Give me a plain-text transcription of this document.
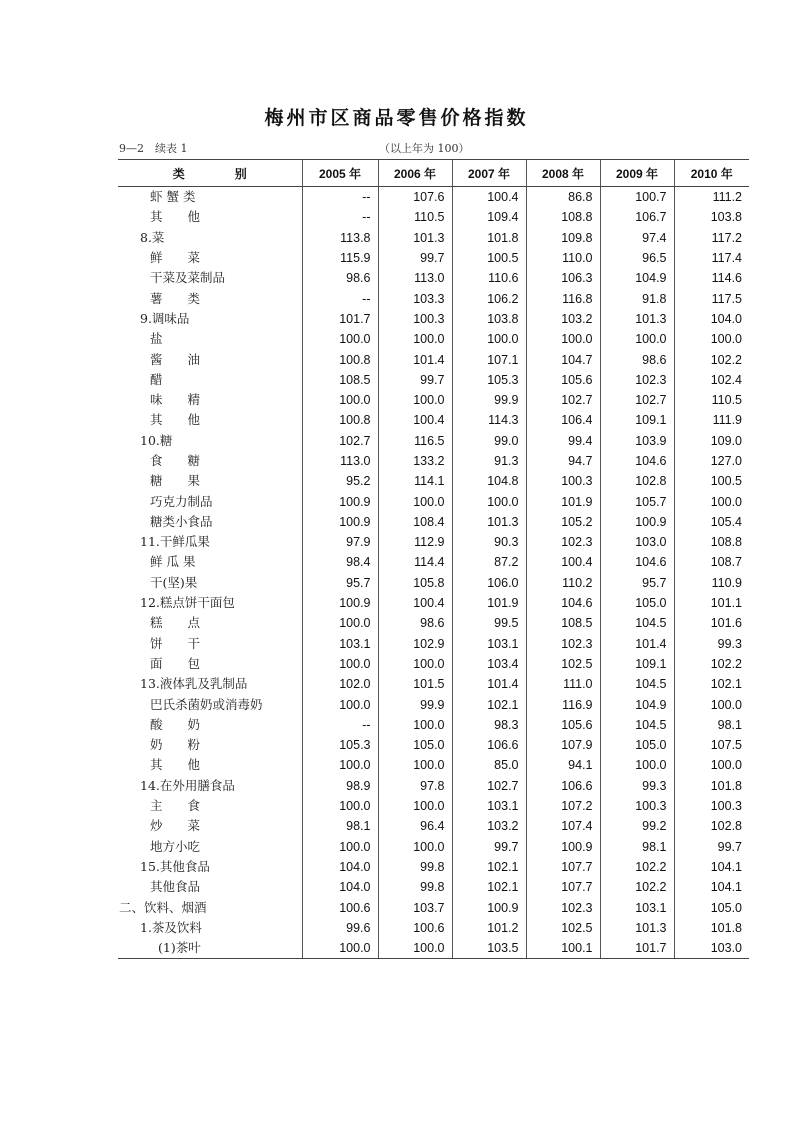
梅州市区商品零售价格指数
9—2　续表 1	（以上年为 100）
类 别	2005 年	2006 年	2007 年	2008 年	2009 年	2010 年
虾 蟹 类	--	107.6	100.4	86.8	100.7	111.2
其　　他	--	110.5	109.4	108.8	106.7	103.8
8.菜	113.8	101.3	101.8	109.8	97.4	117.2
鲜　　菜	115.9	99.7	100.5	110.0	96.5	117.4
干菜及菜制品	98.6	113.0	110.6	106.3	104.9	114.6
薯　　类	--	103.3	106.2	116.8	91.8	117.5
9.调味品	101.7	100.3	103.8	103.2	101.3	104.0
盐	100.0	100.0	100.0	100.0	100.0	100.0
酱　　油	100.8	101.4	107.1	104.7	98.6	102.2
醋	108.5	99.7	105.3	105.6	102.3	102.4
味　　精	100.0	100.0	99.9	102.7	102.7	110.5
其　　他	100.8	100.4	114.3	106.4	109.1	111.9
10.糖	102.7	116.5	99.0	99.4	103.9	109.0
食　　糖	113.0	133.2	91.3	94.7	104.6	127.0
糖　　果	95.2	114.1	104.8	100.3	102.8	100.5
巧克力制品	100.9	100.0	100.0	101.9	105.7	100.0
糖类小食品	100.9	108.4	101.3	105.2	100.9	105.4
11.干鲜瓜果	97.9	112.9	90.3	102.3	103.0	108.8
鲜 瓜 果	98.4	114.4	87.2	100.4	104.6	108.7
干(坚)果	95.7	105.8	106.0	110.2	95.7	110.9
12.糕点饼干面包	100.9	100.4	101.9	104.6	105.0	101.1
糕　　点	100.0	98.6	99.5	108.5	104.5	101.6
饼　　干	103.1	102.9	103.1	102.3	101.4	99.3
面　　包	100.0	100.0	103.4	102.5	109.1	102.2
13.液体乳及乳制品	102.0	101.5	101.4	111.0	104.5	102.1
巴氏杀菌奶或消毒奶	100.0	99.9	102.1	116.9	104.9	100.0
酸　　奶	--	100.0	98.3	105.6	104.5	98.1
奶　　粉	105.3	105.0	106.6	107.9	105.0	107.5
其　　他	100.0	100.0	85.0	94.1	100.0	100.0
14.在外用膳食品	98.9	97.8	102.7	106.6	99.3	101.8
主　　食	100.0	100.0	103.1	107.2	100.3	100.3
炒　　菜	98.1	96.4	103.2	107.4	99.2	102.8
地方小吃	100.0	100.0	99.7	100.9	98.1	99.7
15.其他食品	104.0	99.8	102.1	107.7	102.2	104.1
其他食品	104.0	99.8	102.1	107.7	102.2	104.1
二、饮料、烟酒	100.6	103.7	100.9	102.3	103.1	105.0
1.茶及饮料	99.6	100.6	101.2	102.5	101.3	101.8
(1)茶叶	100.0	100.0	103.5	100.1	101.7	103.0
